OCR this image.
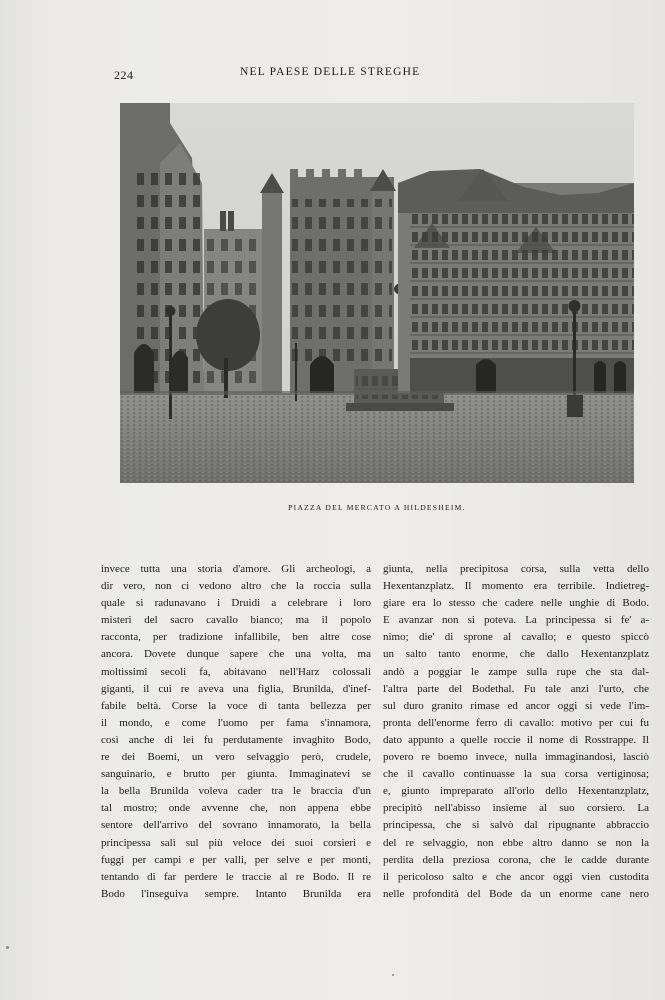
224	NEL PAESE DELLE STREGHE
PIAZZA DEL MERCATO A HILDESHEIM.
invece tutta una storia d'amore. Gli archeologi, a
dir vero, non ci vedono altro che la roccia sulla
quale si radunavano i Druidi a celebrare i loro
misteri del sacro cavallo bianco; ma il popolo
racconta, per tradizione infallibile, ben altre cose
ancora. Dovete dunque sapere che una volta, ma
moltissimi secoli fa, abitavano nell'Harz colossali
giganti, il cui re aveva una figlia, Brunilda, d'inef-
fabile beltà. Corse la voce di tanta bellezza per
il mondo, e come l'uomo per fama s'innamora,
così anche di lei fu perdutamente invaghito Bodo,
re dei Boemi, un vero selvaggio però, crudele,
sanguinario, e brutto per giunta. Immaginatevi se
la bella Brunilda voleva cader tra le braccia d'un
tal mostro; onde avvenne che, non appena ebbe
sentore dell'arrivo del sovrano innamorato, la bella
principessa salì sul più veloce dei suoi corsieri e
fuggì per campi e per valli, per selve e per monti,
tentando di far perdere le traccie al re Bodo. Il re
Bodo l'inseguiva sempre. Intanto Brunilda era
giunta, nella precipitosa corsa, sulla vetta dello
Hexentanzplatz. Il momento era terribile. Indietreg-
giare era lo stesso che cadere nelle unghie di Bodo.
E avanzar non si poteva. La principessa si fe' a-
nimo; die' di sprone al cavallo; e questo spiccò
un salto tanto enorme, che dallo Hexentanzplatz
andò a poggiar le zampe sulla rupe che sta dal-
l'altra parte del Bodethal. Fu tale anzi l'urto, che
sul duro granito rimase ed ancor oggi si vede l'im-
pronta dell'enorme ferro di cavallo: motivo per cui fu
dato appunto a quelle roccie il nome di Rosstrappe. Il
povero re boemo invece, nulla immaginandosi, lasciò
che il cavallo continuasse la sua corsa vertiginosa;
e, giunto impreparato all'orlo dello Hexentanzplatz,
precipitò nell'abisso insieme al suo corsiero. La
principessa, che si salvò dal ripugnante abbraccio
del re selvaggio, non ebbe altro danno se non la
perdita della preziosa corona, che le cadde durante
il pericoloso salto e che ancor oggi vien custodita
nelle profondità del Bode da un enorme cane nero
